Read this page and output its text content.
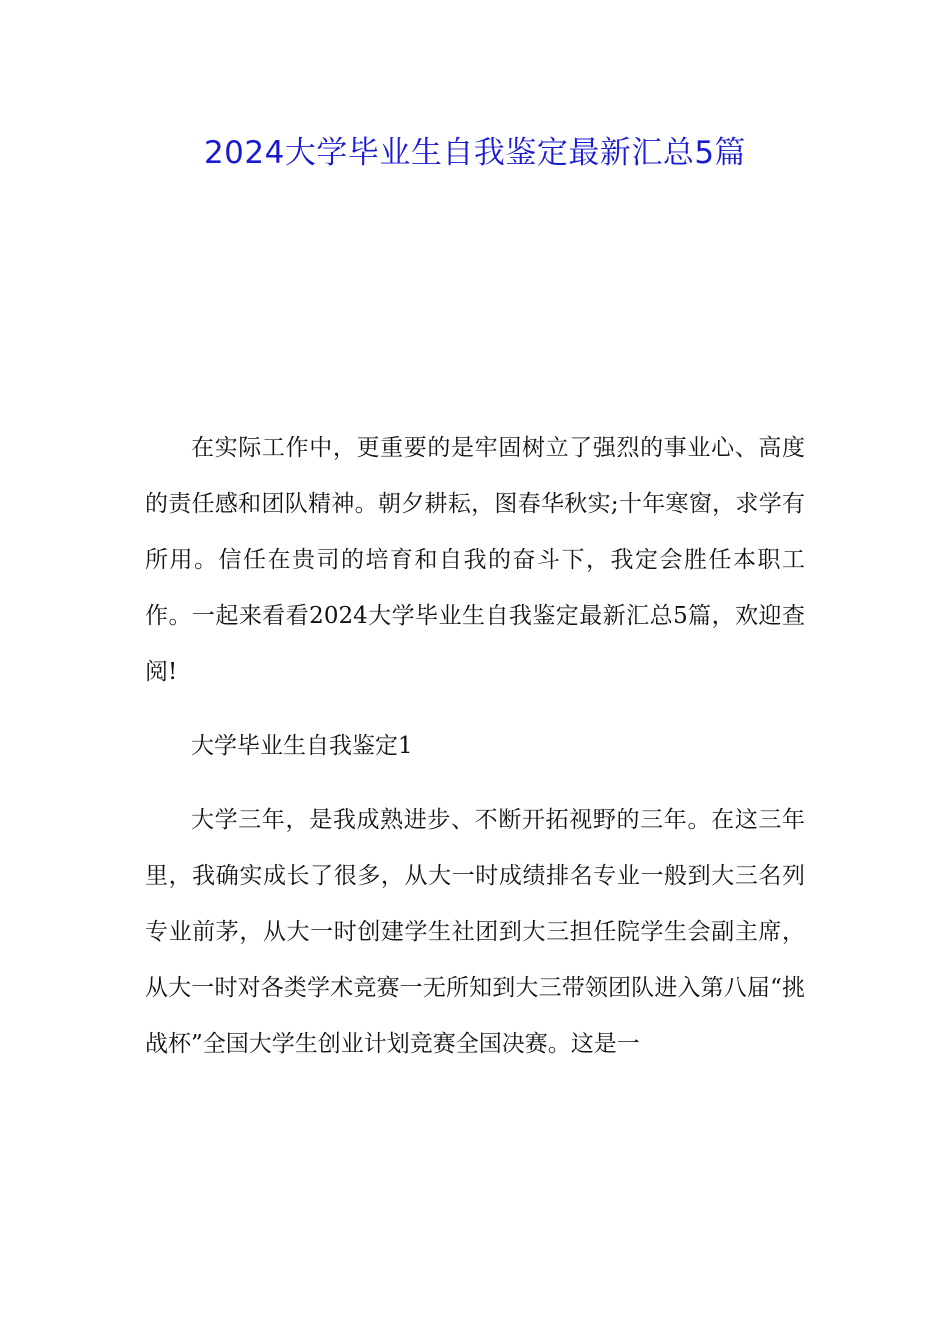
2024大学毕业生自我鉴定最新汇总5篇

在实际工作中，更重要的是牢固树立了强烈的事业心、高度的责任感和团队精神。朝夕耕耘，图春华秋实;十年寒窗，求学有所用。信任在贵司的培育和自我的奋斗下，我定会胜任本职工作。一起来看看2024大学毕业生自我鉴定最新汇总5篇，欢迎查阅!

大学毕业生自我鉴定1

大学三年，是我成熟进步、不断开拓视野的三年。在这三年里，我确实成长了很多，从大一时成绩排名专业一般到大三名列专业前茅，从大一时创建学生社团到大三担任院学生会副主席，从大一时对各类学术竞赛一无所知到大三带领团队进入第八届“挑战杯”全国大学生创业计划竞赛全国决赛。这是一
